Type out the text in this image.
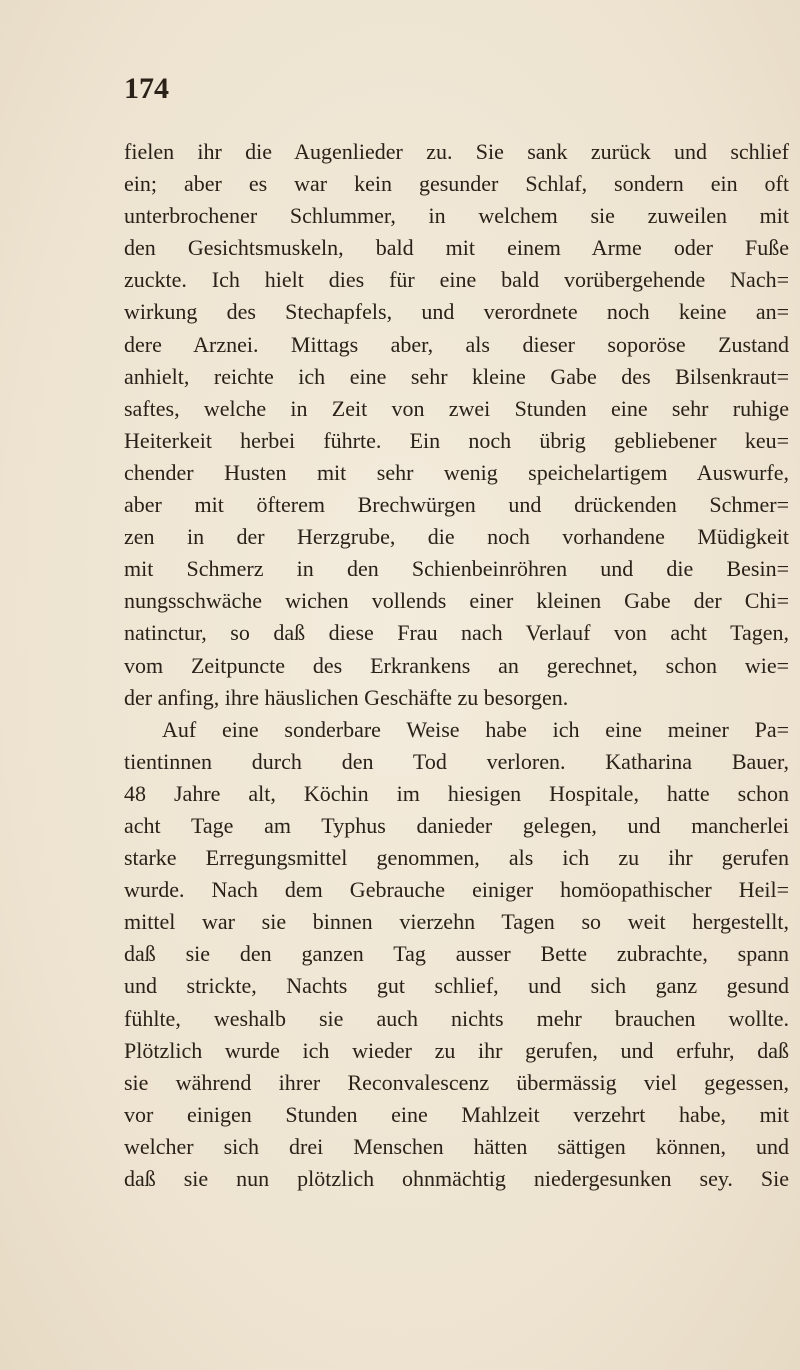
174
fielen ihr die Augenlieder zu. Sie sank zurück und schlief
ein; aber es war kein gesunder Schlaf, sondern ein oft
unterbrochener Schlummer, in welchem sie zuweilen mit
den Gesichtsmuskeln, bald mit einem Arme oder Fuße
zuckte. Ich hielt dies für eine bald vorübergehende Nach=
wirkung des Stechapfels, und verordnete noch keine an=
dere Arznei. Mittags aber, als dieser soporöse Zustand
anhielt, reichte ich eine sehr kleine Gabe des Bilsenkraut=
saftes, welche in Zeit von zwei Stunden eine sehr ruhige
Heiterkeit herbei führte. Ein noch übrig gebliebener keu=
chender Husten mit sehr wenig speichelartigem Auswurfe,
aber mit öfterem Brechwürgen und drückenden Schmer=
zen in der Herzgrube, die noch vorhandene Müdigkeit
mit Schmerz in den Schienbeinröhren und die Besin=
nungsschwäche wichen vollends einer kleinen Gabe der Chi=
natinctur, so daß diese Frau nach Verlauf von acht Tagen,
vom Zeitpuncte des Erkrankens an gerechnet, schon wie=
der anfing, ihre häuslichen Geschäfte zu besorgen.
Auf eine sonderbare Weise habe ich eine meiner Pa=
tientinnen durch den Tod verloren. Katharina Bauer,
48 Jahre alt, Köchin im hiesigen Hospitale, hatte schon
acht Tage am Typhus danieder gelegen, und mancherlei
starke Erregungsmittel genommen, als ich zu ihr gerufen
wurde. Nach dem Gebrauche einiger homöopathischer Heil=
mittel war sie binnen vierzehn Tagen so weit hergestellt,
daß sie den ganzen Tag ausser Bette zubrachte, spann
und strickte, Nachts gut schlief, und sich ganz gesund
fühlte, weshalb sie auch nichts mehr brauchen wollte.
Plötzlich wurde ich wieder zu ihr gerufen, und erfuhr, daß
sie während ihrer Reconvalescenz übermässig viel gegessen,
vor einigen Stunden eine Mahlzeit verzehrt habe, mit
welcher sich drei Menschen hätten sättigen können, und
daß sie nun plötzlich ohnmächtig niedergesunken sey. Sie
